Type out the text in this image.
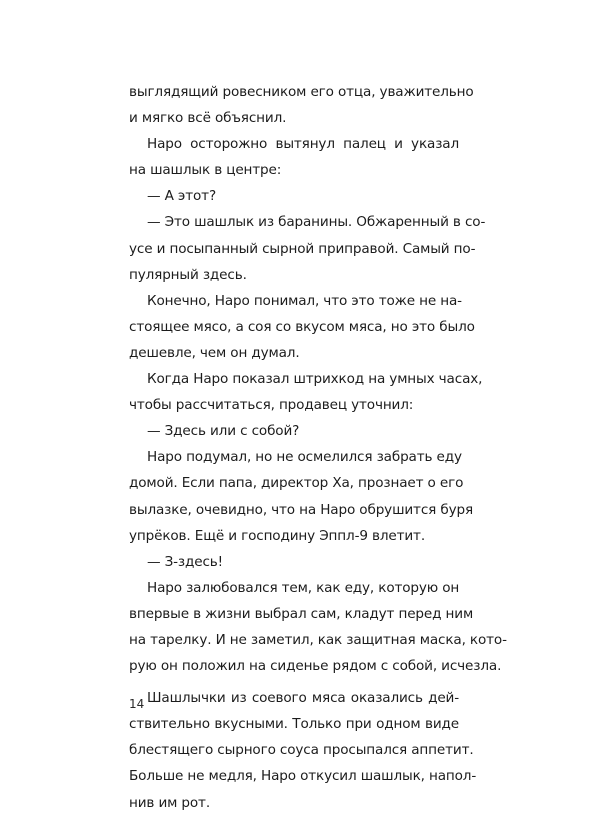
выглядящий ровесником его отца, уважительно
и мягко всё объяснил.
Наро осторожно вытянул палец и указал
на шашлык в центре:
— А этот?
— Это шашлык из баранины. Обжаренный в со-
усе и посыпанный сырной приправой. Самый по-
пулярный здесь.
Конечно, Наро понимал, что это тоже не на-
стоящее мясо, а соя со вкусом мяса, но это было
дешевле, чем он думал.
Когда Наро показал штрихкод на умных часах,
чтобы рассчитаться, продавец уточнил:
— Здесь или с собой?
Наро подумал, но не осмелился забрать еду
домой. Если папа, директор Ха, прознает о его
вылазке, очевидно, что на Наро обрушится буря
упрёков. Ещё и господину Эппл-9 влетит.
— З-здесь!
Наро залюбовался тем, как еду, которую он
впервые в жизни выбрал сам, кладут перед ним
на тарелку. И не заметил, как защитная маска, кото-
рую он положил на сиденье рядом с собой, исчезла.
Шашлычки из соевого мяса оказались дей-
ствительно вкусными. Только при одном виде
блестящего сырного соуса просыпался аппетит.
Больше не медля, Наро откусил шашлык, напол-
нив им рот.
14
